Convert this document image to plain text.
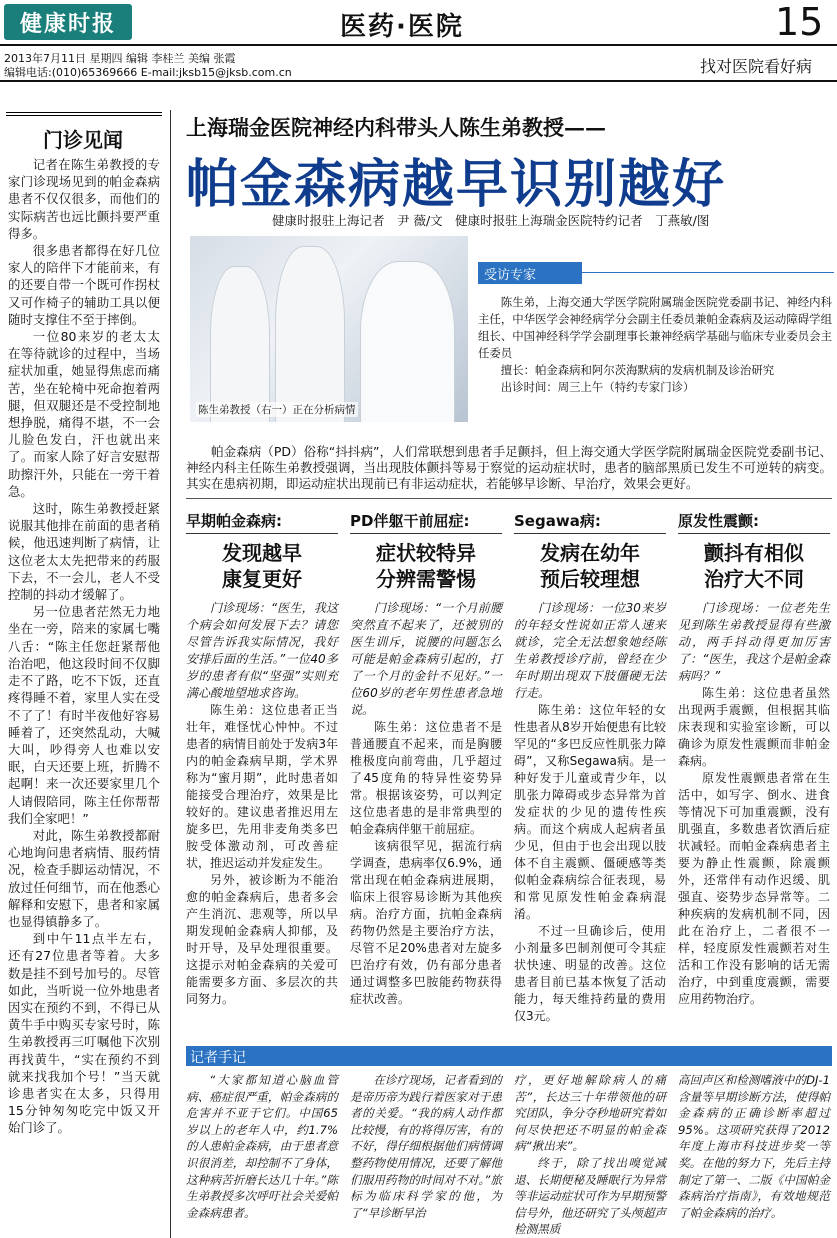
健康时报	医药·医院	15
2013年7月11日 星期四 编辑 李桂兰 美编 张霞
编辑电话:(010)65369666 E-mail:jksb15@jksb.com.cn	找对医院看好病
门诊见闻

记者在陈生弟教授的专家门诊现场见到的帕金森病患者不仅仅很多，而他们的实际病苦也远比颤抖要严重得多。

很多患者都得在好几位家人的陪伴下才能前来，有的还要自带一个既可作拐杖又可作椅子的辅助工具以便随时支撑住不至于摔倒。

一位80来岁的老太太在等待就诊的过程中，当场症状加重，她显得焦虑而痛苦，坐在轮椅中死命抱着两腿，但双腿还是不受控制地想挣脱，痛得不堪，不一会儿脸色发白，汗也就出来了。而家人除了好言安慰帮助擦汗外，只能在一旁干着急。

这时，陈生弟教授赶紧说服其他排在前面的患者稍候，他迅速判断了病情，让这位老太太先把带来的药服下去，不一会儿，老人不受控制的抖动才缓解了。

另一位患者茫然无力地坐在一旁，陪来的家属七嘴八舌：“陈主任您赶紧帮他治治吧，他这段时间不仅脚走不了路，吃不下饭，还直疼得睡不着，家里人实在受不了了！有时半夜他好容易睡着了，还突然乱动，大喊大叫，吵得旁人也难以安眠，白天还要上班，折腾不起啊！来一次还要家里几个人请假陪同，陈主任你帮帮我们全家吧！”

对此，陈生弟教授都耐心地询问患者病情、服药情况，检查手脚运动情况，不放过任何细节，而在他悉心解释和安慰下，患者和家属也显得镇静多了。

到中午11点半左右，还有27位患者等着。大多数是挂不到号加号的。尽管如此，当听说一位外地患者因实在预约不到，不得已从黄牛手中购买专家号时，陈生弟教授再三叮嘱他下次别再找黄牛，“实在预约不到就来找我加个号！”当天就诊患者实在太多，只得用15分钟匆匆吃完中饭又开始门诊了。

上海瑞金医院神经内科带头人陈生弟教授——
帕金森病越早识别越好
健康时报驻上海记者　尹 薇/文　健康时报驻上海瑞金医院特约记者　丁燕敏/图
陈生弟教授（右一）正在分析病情
受访专家

陈生弟，上海交通大学医学院附属瑞金医院党委副书记、神经内科主任，中华医学会神经病学分会副主任委员兼帕金森病及运动障碍学组组长、中国神经科学学会副理事长兼神经病学基础与临床专业委员会主任委员

擅长：帕金森病和阿尔茨海默病的发病机制及诊治研究

出诊时间：周三上午（特约专家门诊）

帕金森病（PD）俗称“抖抖病”，人们常联想到患者手足颤抖，但上海交通大学医学院附属瑞金医院党委副书记、神经内科主任陈生弟教授强调，当出现肢体颤抖等易于察觉的运动症状时，患者的脑部黑质已发生不可逆转的病变。其实在患病初期，即运动症状出现前已有非运动症状，若能够早诊断、早治疗，效果会更好。
早期帕金森病:
发现越早
康复更好

门诊现场：“医生，我这个病会如何发展下去？请您尽管告诉我实际情况，我好安排后面的生活。”一位40多岁的患者有似“坚强”实则充满心酸地望地求咨询。

陈生弟：这位患者正当壮年，难怪忧心忡忡。不过患者的病情目前处于发病3年内的帕金森病早期，学术界称为“蜜月期”，此时患者如能接受合理治疗，效果是比较好的。建议患者推迟用左旋多巴，先用非麦角类多巴胺受体激动剂，可改善症状，推迟运动并发症发生。

另外，被诊断为不能治愈的帕金森病后，患者多会产生消沉、悲观等，所以早期发现帕金森病人抑郁，及时开导，及早处理很重要。这提示对帕金森病的关爱可能需要多方面、多层次的共同努力。

PD伴躯干前屈症:
症状较特异
分辨需警惕

门诊现场：“一个月前腰突然直不起来了，还被别的医生训斥，说腰的问题怎么可能是帕金森病引起的，打了一个月的金针不见好。”一位60岁的老年男性患者急地说。

陈生弟：这位患者不是普通腰直不起来，而是胸腰椎极度向前弯曲，几乎超过了45度角的特异性姿势异常。根据该姿势，可以判定这位患者患的是非常典型的帕金森病伴躯干前屈症。

该病很罕见，据流行病学调查，患病率仅6.9%，通常出现在帕金森病进展期，临床上很容易诊断为其他疾病。治疗方面，抗帕金森病药物仍然是主要治疗方法，尽管不足20%患者对左旋多巴治疗有效，仍有部分患者通过调整多巴胺能药物获得症状改善。

Segawa病:
发病在幼年
预后较理想

门诊现场：一位30来岁的年轻女性说如正常人速来就诊，完全无法想象她经陈生弟教授诊疗前，曾经在少年时期出现双下肢僵硬无法行走。

陈生弟：这位年轻的女性患者从8岁开始便患有比较罕见的“多巴反应性肌张力障碍”，又称Segawa病。是一种好发于儿童或青少年，以肌张力障碍或步态异常为首发症状的少见的遗传性疾病。而这个病成人起病者虽少见，但由于也会出现以肢体不自主震颤、僵硬感等类似帕金森病综合征表现，易和常见原发性帕金森病混淆。

不过一旦确诊后，使用小剂量多巴制剂便可令其症状快速、明显的改善。这位患者目前已基本恢复了活动能力，每天维持药量的费用仅3元。

原发性震颤:
颤抖有相似
治疗大不同

门诊现场：一位老先生见到陈生弟教授显得有些激动，两手抖动得更加厉害了：“医生，我这个是帕金森病吗？”

陈生弟：这位患者虽然出现两手震颤，但根据其临床表现和实验室诊断，可以确诊为原发性震颤而非帕金森病。

原发性震颤患者常在生活中，如写字、倒水、进食等情况下可加重震颤，没有肌强直，多数患者饮酒后症状减轻。而帕金森病患者主要为静止性震颤，除震颤外，还常伴有动作迟缓、肌强直、姿势步态异常等。二种疾病的发病机制不同，因此在治疗上，二者很不一样，轻度原发性震颤若对生活和工作没有影响的话无需治疗，中到重度震颤，需要应用药物治疗。

记者手记

“大家都知道心脑血管病、癌症很严重，帕金森病的危害并不亚于它们。中国65岁以上的老年人中，约1.7%的人患帕金森病，由于患者意识很消差，却控制不了身体，这种病苦折磨长达几十年。”陈生弟教授多次呼吁社会关爱帕金森病患者。

在诊疗现场，记者看到的是帝历帝为践行着医家对于患者的关爱。“我的病人动作都比较慢，有的将得厉害，有的不好，得仔细根据他们病情调整药物使用情况，还要了解他们服用药物的时间对不对。”旅标为临床科学家的他，为了“早诊断早治

疗，更好地解除病人的痛苦”，长达三十年带领他的研究团队，争分夺秒地研究着如何尽快把还不明显的帕金森病“揪出来”。

终于，除了找出嗅觉减退、长期便秘及睡眠行为异常等非运动症状可作为早期预警信号外，他还研究了头颅超声检测黑质

高回声区和检测嗜液中的DJ-1含量等早期诊断方法，使得帕金森病的正确诊断率超过95%。这项研究获得了2012年度上海市科技进步奖一等奖。在他的努力下，先后主持制定了第一、二版《中国帕金森病治疗指南》，有效地规范了帕金森病的治疗。
